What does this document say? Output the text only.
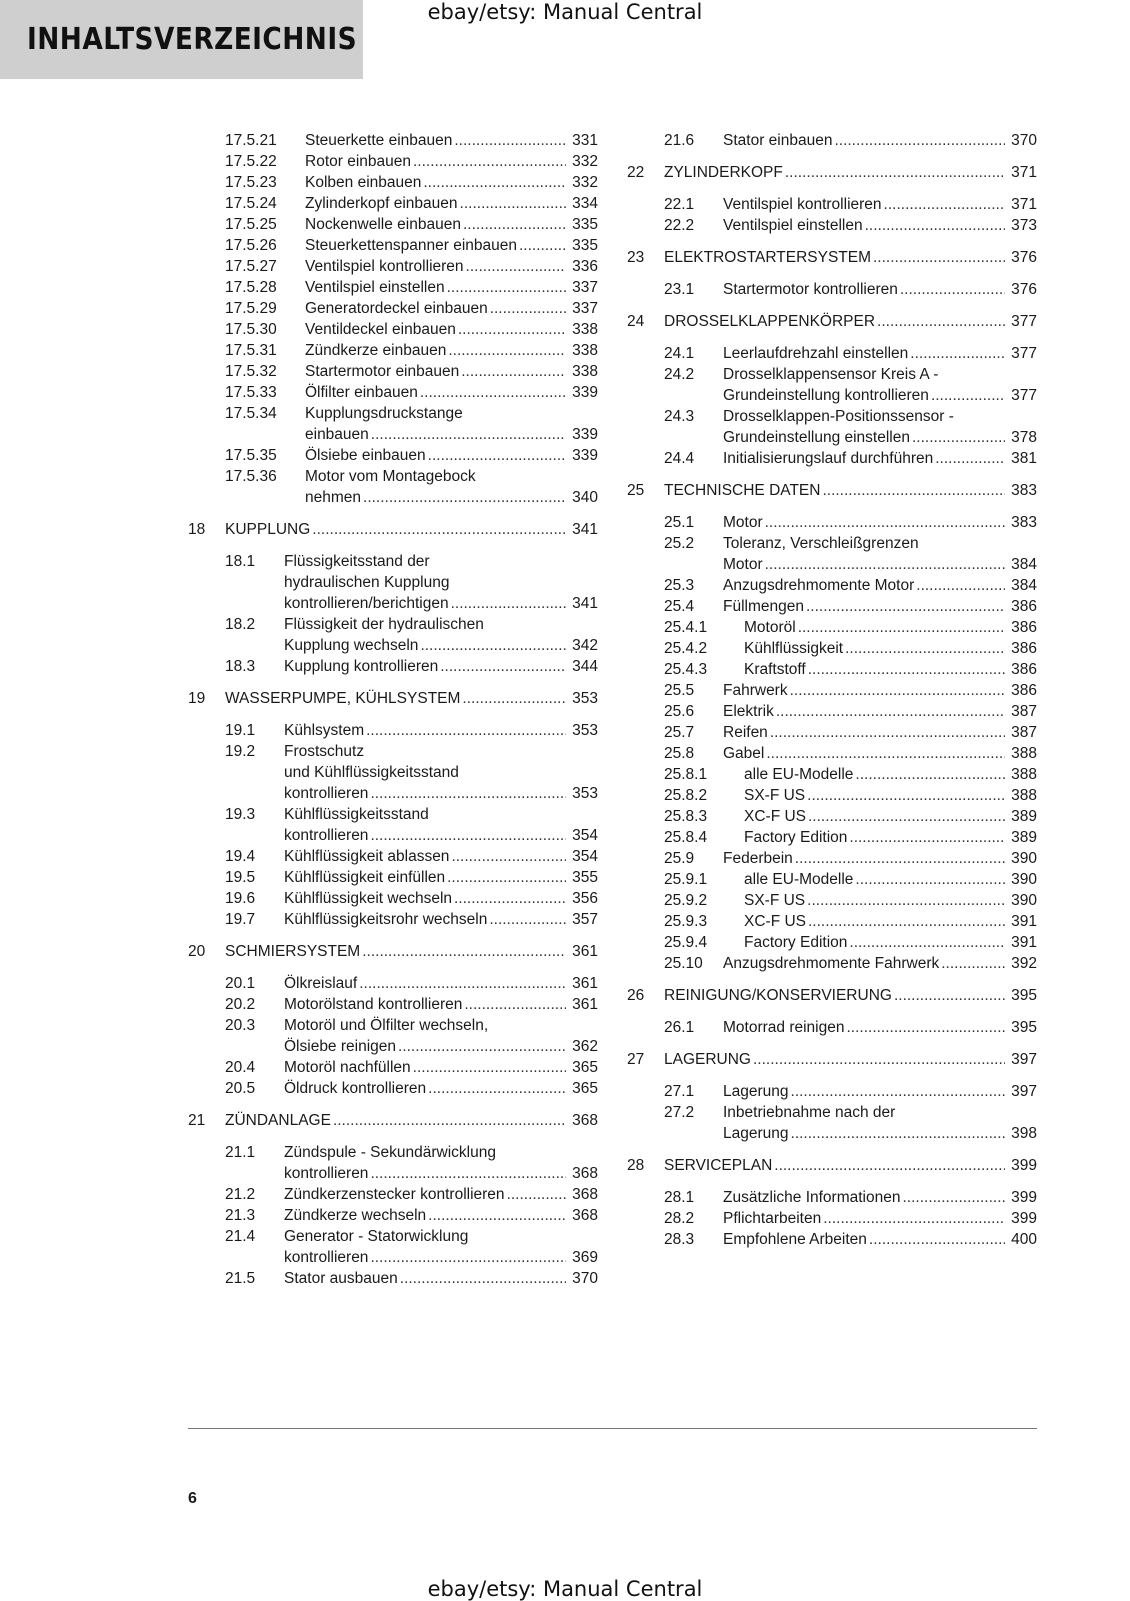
INHALTSVERZEICHNIS
ebay/etsy: Manual Central
17.5.21 Steuerkette einbauen .....	331
17.5.22 Rotor einbauen .....	332
17.5.23 Kolben einbauen .....	332
17.5.24 Zylinderkopf einbauen .....	334
17.5.25 Nockenwelle einbauen .....	335
17.5.26 Steuerkettenspanner einbauen .....	335
17.5.27 Ventilspiel kontrollieren .....	336
17.5.28 Ventilspiel einstellen .....	337
17.5.29 Generatordeckel einbauen .....	337
17.5.30 Ventildeckel einbauen .....	338
17.5.31 Zündkerze einbauen .....	338
17.5.32 Startermotor einbauen .....	338
17.5.33 Ölfilter einbauen .....	339
17.5.34 Kupplungsdruckstange
einbauen .....	339
17.5.35 Ölsiebe einbauen .....	339
17.5.36 Motor vom Montagebock
nehmen .....	340
18 KUPPLUNG .....	341
18.1 Flüssigkeitsstand der
hydraulischen Kupplung
kontrollieren/berichtigen .....	341
18.2 Flüssigkeit der hydraulischen
Kupplung wechseln .....	342
18.3 Kupplung kontrollieren .....	344
19 WASSERPUMPE, KÜHLSYSTEM .....	353
19.1 Kühlsystem .....	353
19.2 Frostschutz
und Kühlflüssigkeitsstand
kontrollieren .....	353
19.3 Kühlflüssigkeitsstand
kontrollieren .....	354
19.4 Kühlflüssigkeit ablassen .....	354
19.5 Kühlflüssigkeit einfüllen .....	355
19.6 Kühlflüssigkeit wechseln .....	356
19.7 Kühlflüssigkeitsrohr wechseln .....	357
20 SCHMIERSYSTEM .....	361
20.1 Ölkreislauf .....	361
20.2 Motorölstand kontrollieren .....	361
20.3 Motoröl und Ölfilter wechseln,
Ölsiebe reinigen .....	362
20.4 Motoröl nachfüllen .....	365
20.5 Öldruck kontrollieren .....	365
21 ZÜNDANLAGE .....	368
21.1 Zündspule - Sekundärwicklung
kontrollieren .....	368
21.2 Zündkerzenstecker kontrollieren .....	368
21.3 Zündkerze wechseln .....	368
21.4 Generator - Statorwicklung
kontrollieren .....	369
21.5 Stator ausbauen .....	370
21.6 Stator einbauen .....	370
22 ZYLINDERKOPF .....	371
22.1 Ventilspiel kontrollieren .....	371
22.2 Ventilspiel einstellen .....	373
23 ELEKTROSTARTERSYSTEM .....	376
23.1 Startermotor kontrollieren .....	376
24 DROSSELKLAPPENKÖRPER .....	377
24.1 Leerlaufdrehzahl einstellen .....	377
24.2 Drosselklappensensor Kreis A -
Grundeinstellung kontrollieren .....	377
24.3 Drosselklappen-Positionssensor -
Grundeinstellung einstellen .....	378
24.4 Initialisierungslauf durchführen .....	381
25 TECHNISCHE DATEN .....	383
25.1 Motor .....	383
25.2 Toleranz, Verschleißgrenzen
Motor .....	384
25.3 Anzugsdrehmomente Motor .....	384
25.4 Füllmengen .....	386
25.4.1 Motoröl .....	386
25.4.2 Kühlflüssigkeit .....	386
25.4.3 Kraftstoff .....	386
25.5 Fahrwerk .....	386
25.6 Elektrik .....	387
25.7 Reifen .....	387
25.8 Gabel .....	388
25.8.1 alle EU-Modelle .....	388
25.8.2 SX-F US .....	388
25.8.3 XC-F US .....	389
25.8.4 Factory Edition .....	389
25.9 Federbein .....	390
25.9.1 alle EU-Modelle .....	390
25.9.2 SX-F US .....	390
25.9.3 XC-F US .....	391
25.9.4 Factory Edition .....	391
25.10 Anzugsdrehmomente Fahrwerk .....	392
26 REINIGUNG/KONSERVIERUNG .....	395
26.1 Motorrad reinigen .....	395
27 LAGERUNG .....	397
27.1 Lagerung .....	397
27.2 Inbetriebnahme nach der
Lagerung .....	398
28 SERVICEPLAN .....	399
28.1 Zusätzliche Informationen .....	399
28.2 Pflichtarbeiten .....	399
28.3 Empfohlene Arbeiten .....	400
6
ebay/etsy: Manual Central
